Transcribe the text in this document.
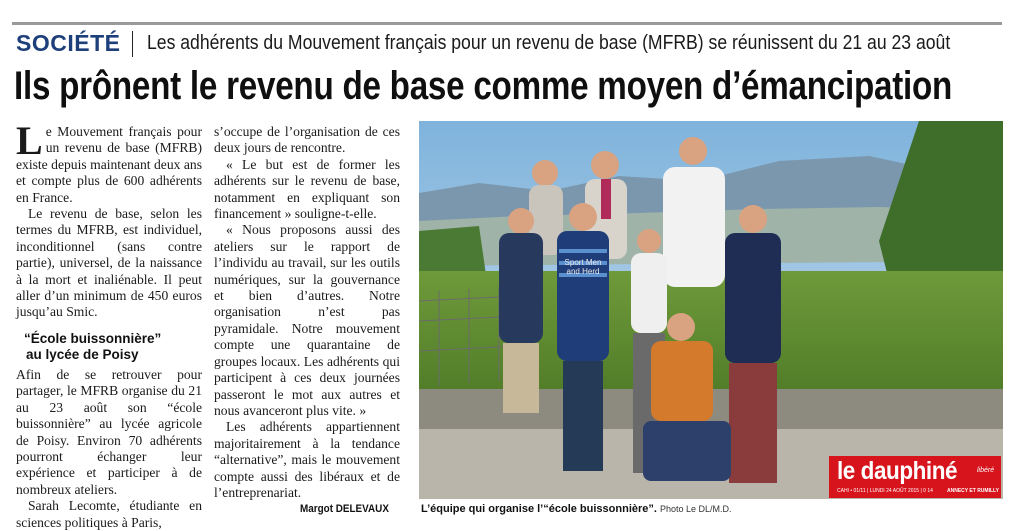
SOCIÉTÉ Les adhérents du Mouvement français pour un revenu de base (MFRB) se réunissent du 21 au 23 août
Ils prônent le revenu de base comme moyen d’émancipation

Le Mouvement français pour un revenu de base (MFRB) existe depuis maintenant deux ans et compte plus de 600 adhérents en France.

Le revenu de base, selon les termes du MFRB, est individuel, inconditionnel (sans contre partie), universel, de la naissance à la mort et inaliénable. Il peut aller d’un minimum de 450 euros jusqu’au Smic.

“École buissonnière”
au lycée de Poisy

Afin de se retrouver pour partager, le MFRB organise du 21 au 23 août son “école buissonnière” au lycée agricole de Poisy. Environ 70 adhérents pourront échanger leur expérience et participer à de nombreux ateliers.

Sarah Lecomte, étudiante en sciences politiques à Paris,

s’occupe de l’organisation de ces deux jours de rencontre.

« Le but est de former les adhérents sur le revenu de base, notamment en expliquant son financement » souligne-t-elle.

« Nous proposons aussi des ateliers sur le rapport de l’individu au travail, sur les outils numériques, sur la gouvernance et bien d’autres. Notre organisation n’est pas pyramidale. Notre mouvement compte une quarantaine de groupes locaux. Les adhérents qui participent à ces deux journées passeront le mot aux autres et nous avanceront plus vite. »

Les adhérents appartiennent majoritairement à la tendance “alternative”, mais le mouvement compte aussi des libéraux et de l’entreprenariat.

Margot DELEVAUX
Sport Men
and Herd
L’équipe qui organise l’“école buissonnière”. Photo Le DL/M.D.
le dauphiné	libéré
CAHI • 01/11 | LUNDI 24 AOÛT 2015 | 0 14	ANNECY ET RUMILLY
